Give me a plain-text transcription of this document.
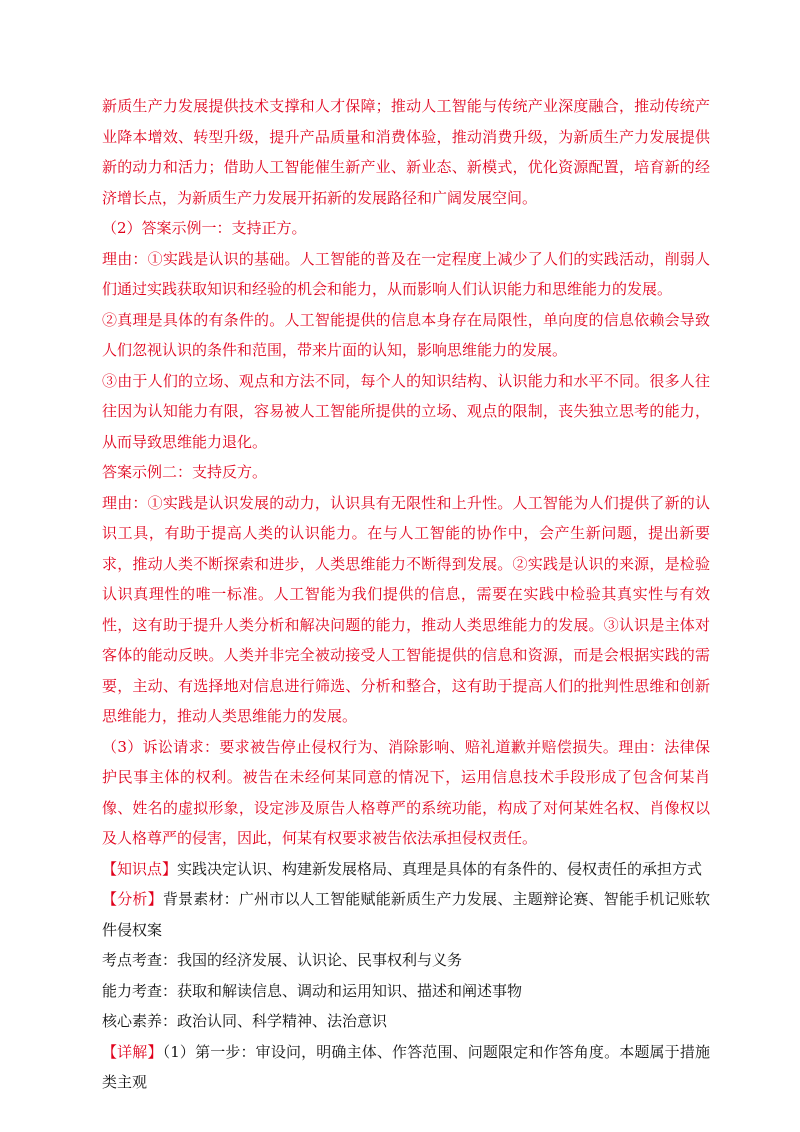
新质生产力发展提供技术支撑和人才保障；推动人工智能与传统产业深度融合，推动传统产业降本增效、转型升级，提升产品质量和消费体验，推动消费升级，为新质生产力发展提供新的动力和活力；借助人工智能催生新产业、新业态、新模式，优化资源配置，培育新的经济增长点，为新质生产力发展开拓新的发展路径和广阔发展空间。

（2）答案示例一：支持正方。

理由：①实践是认识的基础。人工智能的普及在一定程度上减少了人们的实践活动，削弱人们通过实践获取知识和经验的机会和能力，从而影响人们认识能力和思维能力的发展。

②真理是具体的有条件的。人工智能提供的信息本身存在局限性，单向度的信息依赖会导致人们忽视认识的条件和范围，带来片面的认知，影响思维能力的发展。

③由于人们的立场、观点和方法不同，每个人的知识结构、认识能力和水平不同。很多人往往因为认知能力有限，容易被人工智能所提供的立场、观点的限制，丧失独立思考的能力，从而导致思维能力退化。

答案示例二：支持反方。

理由：①实践是认识发展的动力，认识具有无限性和上升性。人工智能为人们提供了新的认识工具，有助于提高人类的认识能力。在与人工智能的协作中，会产生新问题，提出新要求，推动人类不断探索和进步，人类思维能力不断得到发展。②实践是认识的来源，是检验认识真理性的唯一标准。人工智能为我们提供的信息，需要在实践中检验其真实性与有效性，这有助于提升人类分析和解决问题的能力，推动人类思维能力的发展。③认识是主体对客体的能动反映。人类并非完全被动接受人工智能提供的信息和资源，而是会根据实践的需要，主动、有选择地对信息进行筛选、分析和整合，这有助于提高人们的批判性思维和创新思维能力，推动人类思维能力的发展。

（3）诉讼请求：要求被告停止侵权行为、消除影响、赔礼道歉并赔偿损失。理由：法律保护民事主体的权利。被告在未经何某同意的情况下，运用信息技术手段形成了包含何某肖像、姓名的虚拟形象，设定涉及原告人格尊严的系统功能，构成了对何某姓名权、肖像权以及人格尊严的侵害，因此，何某有权要求被告依法承担侵权责任。

【知识点】实践决定认识、构建新发展格局、真理是具体的有条件的、侵权责任的承担方式

【分析】背景素材：广州市以人工智能赋能新质生产力发展、主题辩论赛、智能手机记账软件侵权案

考点考查：我国的经济发展、认识论、民事权利与义务

能力考查：获取和解读信息、调动和运用知识、描述和阐述事物

核心素养：政治认同、科学精神、法治意识

【详解】（1）第一步：审设问，明确主体、作答范围、问题限定和作答角度。本题属于措施类主观
